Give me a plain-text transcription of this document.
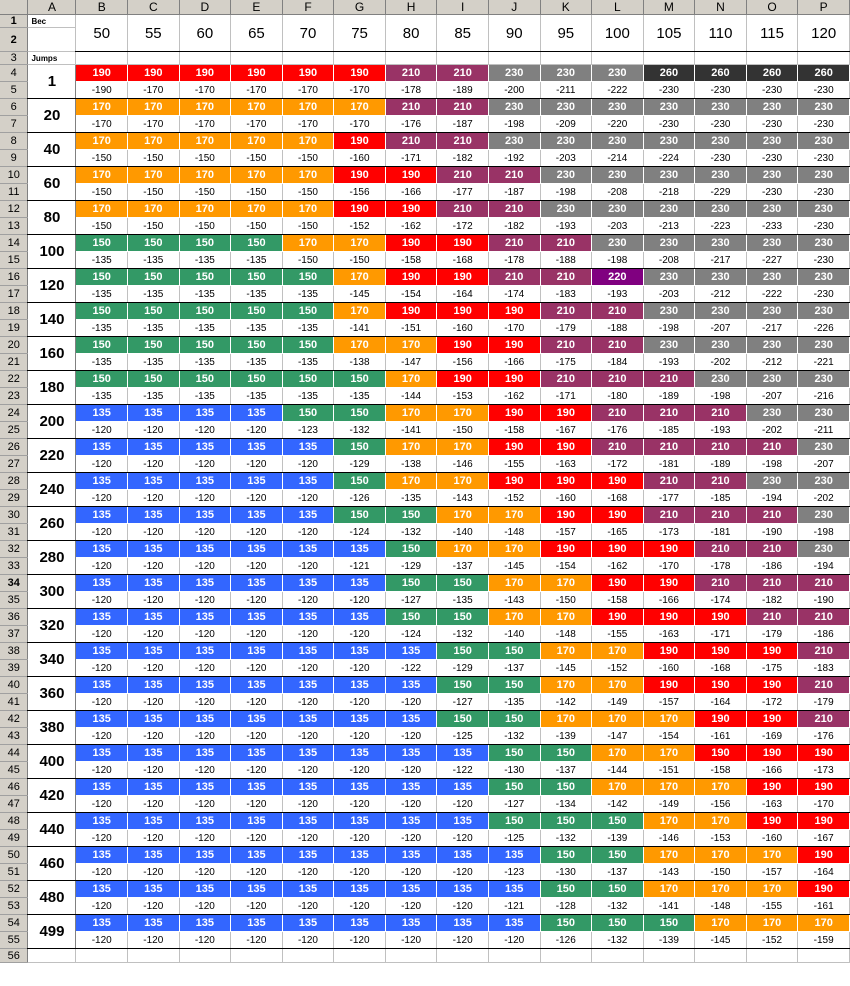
	A	B	C	D	E	F	G	H	I	J	K	L	M	N	O	P
1	Вес	50	55	60	65	70	75	80	85	90	95	100	105	110	115	120
2																
3	Jumps															
4	1	190	190	190	190	190	190	210	210	230	230	230	260	260	260	260
5		-190	-170	-170	-170	-170	-170	-178	-189	-200	-211	-222	-230	-230	-230	-230
6	20	170	170	170	170	170	170	210	210	230	230	230	230	230	230	230
7		-170	-170	-170	-170	-170	-170	-176	-187	-198	-209	-220	-230	-230	-230	-230
8	40	170	170	170	170	170	190	210	210	230	230	230	230	230	230	230
9		-150	-150	-150	-150	-150	-160	-171	-182	-192	-203	-214	-224	-230	-230	-230
10	60	170	170	170	170	170	190	190	210	210	230	230	230	230	230	230
11		-150	-150	-150	-150	-150	-156	-166	-177	-187	-198	-208	-218	-229	-230	-230
12	80	170	170	170	170	170	190	190	210	210	230	230	230	230	230	230
13		-150	-150	-150	-150	-150	-152	-162	-172	-182	-193	-203	-213	-223	-233	-230
14	100	150	150	150	150	170	170	190	190	210	210	230	230	230	230	230
15		-135	-135	-135	-135	-150	-150	-158	-168	-178	-188	-198	-208	-217	-227	-230
16	120	150	150	150	150	150	170	190	190	210	210	220	230	230	230	230
17		-135	-135	-135	-135	-135	-145	-154	-164	-174	-183	-193	-203	-212	-222	-230
18	140	150	150	150	150	150	170	190	190	190	210	210	230	230	230	230
19		-135	-135	-135	-135	-135	-141	-151	-160	-170	-179	-188	-198	-207	-217	-226
20	160	150	150	150	150	150	170	170	190	190	210	210	230	230	230	230
21		-135	-135	-135	-135	-135	-138	-147	-156	-166	-175	-184	-193	-202	-212	-221
22	180	150	150	150	150	150	150	170	190	190	210	210	210	230	230	230
23		-135	-135	-135	-135	-135	-135	-144	-153	-162	-171	-180	-189	-198	-207	-216
24	200	135	135	135	135	150	150	170	170	190	190	210	210	210	230	230
25		-120	-120	-120	-120	-123	-132	-141	-150	-158	-167	-176	-185	-193	-202	-211
26	220	135	135	135	135	135	150	170	170	190	190	210	210	210	210	230
27		-120	-120	-120	-120	-120	-129	-138	-146	-155	-163	-172	-181	-189	-198	-207
28	240	135	135	135	135	135	150	170	170	190	190	190	210	210	230	230
29		-120	-120	-120	-120	-120	-126	-135	-143	-152	-160	-168	-177	-185	-194	-202
30	260	135	135	135	135	135	150	150	170	170	190	190	210	210	210	230
31		-120	-120	-120	-120	-120	-124	-132	-140	-148	-157	-165	-173	-181	-190	-198
32	280	135	135	135	135	135	135	150	170	170	190	190	190	210	210	230
33		-120	-120	-120	-120	-120	-121	-129	-137	-145	-154	-162	-170	-178	-186	-194
34	300	135	135	135	135	135	135	150	150	170	170	190	190	210	210	210
35		-120	-120	-120	-120	-120	-120	-127	-135	-143	-150	-158	-166	-174	-182	-190
36	320	135	135	135	135	135	135	150	150	170	170	190	190	190	210	210
37		-120	-120	-120	-120	-120	-120	-124	-132	-140	-148	-155	-163	-171	-179	-186
38	340	135	135	135	135	135	135	135	150	150	170	170	190	190	190	210
39		-120	-120	-120	-120	-120	-120	-122	-129	-137	-145	-152	-160	-168	-175	-183
40	360	135	135	135	135	135	135	135	150	150	170	170	190	190	190	210
41		-120	-120	-120	-120	-120	-120	-120	-127	-135	-142	-149	-157	-164	-172	-179
42	380	135	135	135	135	135	135	135	150	150	170	170	170	190	190	210
43		-120	-120	-120	-120	-120	-120	-120	-125	-132	-139	-147	-154	-161	-169	-176
44	400	135	135	135	135	135	135	135	135	150	150	170	170	190	190	190
45		-120	-120	-120	-120	-120	-120	-120	-122	-130	-137	-144	-151	-158	-166	-173
46	420	135	135	135	135	135	135	135	135	150	150	170	170	170	190	190
47		-120	-120	-120	-120	-120	-120	-120	-120	-127	-134	-142	-149	-156	-163	-170
48	440	135	135	135	135	135	135	135	135	150	150	150	170	170	190	190
49		-120	-120	-120	-120	-120	-120	-120	-120	-125	-132	-139	-146	-153	-160	-167
50	460	135	135	135	135	135	135	135	135	135	150	150	170	170	170	190
51		-120	-120	-120	-120	-120	-120	-120	-120	-123	-130	-137	-143	-150	-157	-164
52	480	135	135	135	135	135	135	135	135	135	150	150	170	170	170	190
53		-120	-120	-120	-120	-120	-120	-120	-120	-121	-128	-132	-141	-148	-155	-161
54	499	135	135	135	135	135	135	135	135	135	150	150	150	170	170	170
55		-120	-120	-120	-120	-120	-120	-120	-120	-120	-126	-132	-139	-145	-152	-159
56																
